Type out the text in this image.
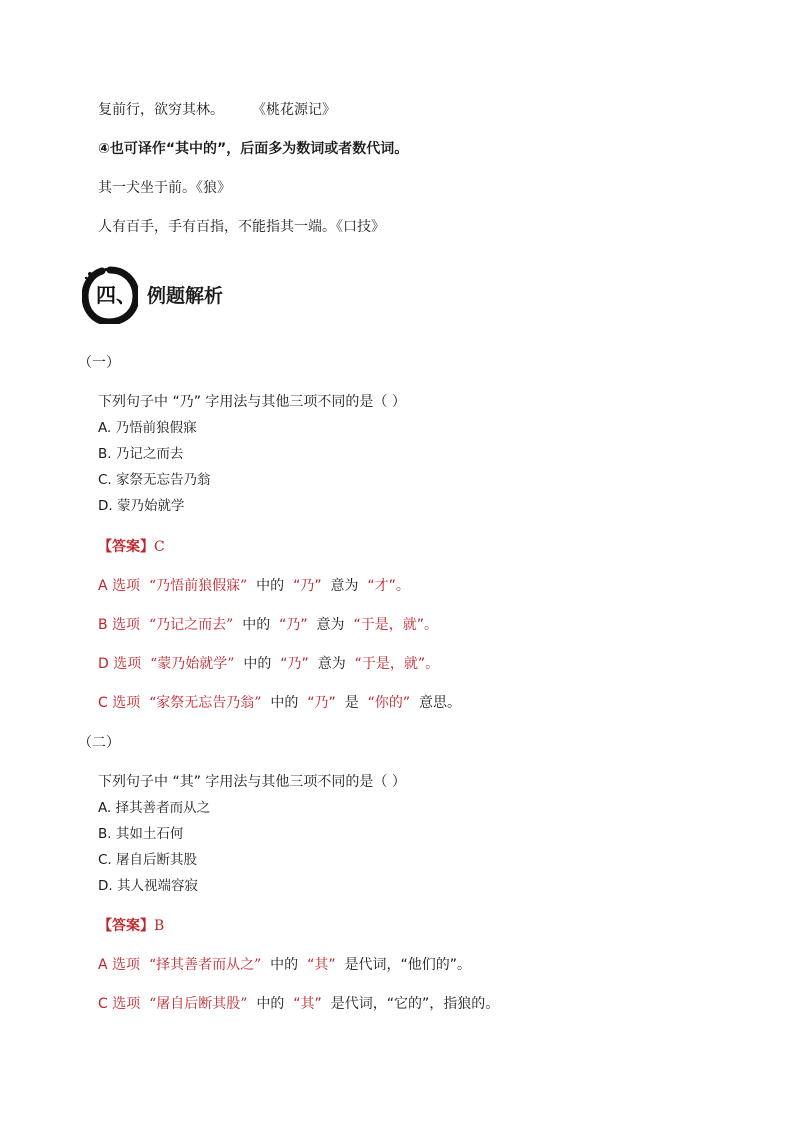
复前行，欲穷其林。　　　《桃花源记》
④也可译作“其中的”，后面多为数词或者数代词。
其一犬坐于前。《狼》
人有百手，手有百指，不能指其一端。《口技》
四、 例题解析
（一）
下列句子中 “乃” 字用法与其他三项不同的是（ ）
A. 乃悟前狼假寐
B. 乃记之而去
C. 家祭无忘告乃翁
D. 蒙乃始就学
【答案】C
A 选项 “乃悟前狼假寐” 中的 “乃” 意为 “才”。
B 选项 “乃记之而去” 中的 “乃” 意为 “于是，就”。
D 选项 “蒙乃始就学” 中的 “乃” 意为 “于是，就”。
C 选项 “家祭无忘告乃翁” 中的 “乃” 是 “你的” 意思。
（二）
下列句子中 “其” 字用法与其他三项不同的是（ ）
A. 择其善者而从之
B. 其如土石何
C. 屠自后断其股
D. 其人视端容寂
【答案】B
A 选项 “择其善者而从之” 中的 “其” 是代词，“他们的”。
C 选项 “屠自后断其股” 中的 “其” 是代词，“它的”，指狼的。
